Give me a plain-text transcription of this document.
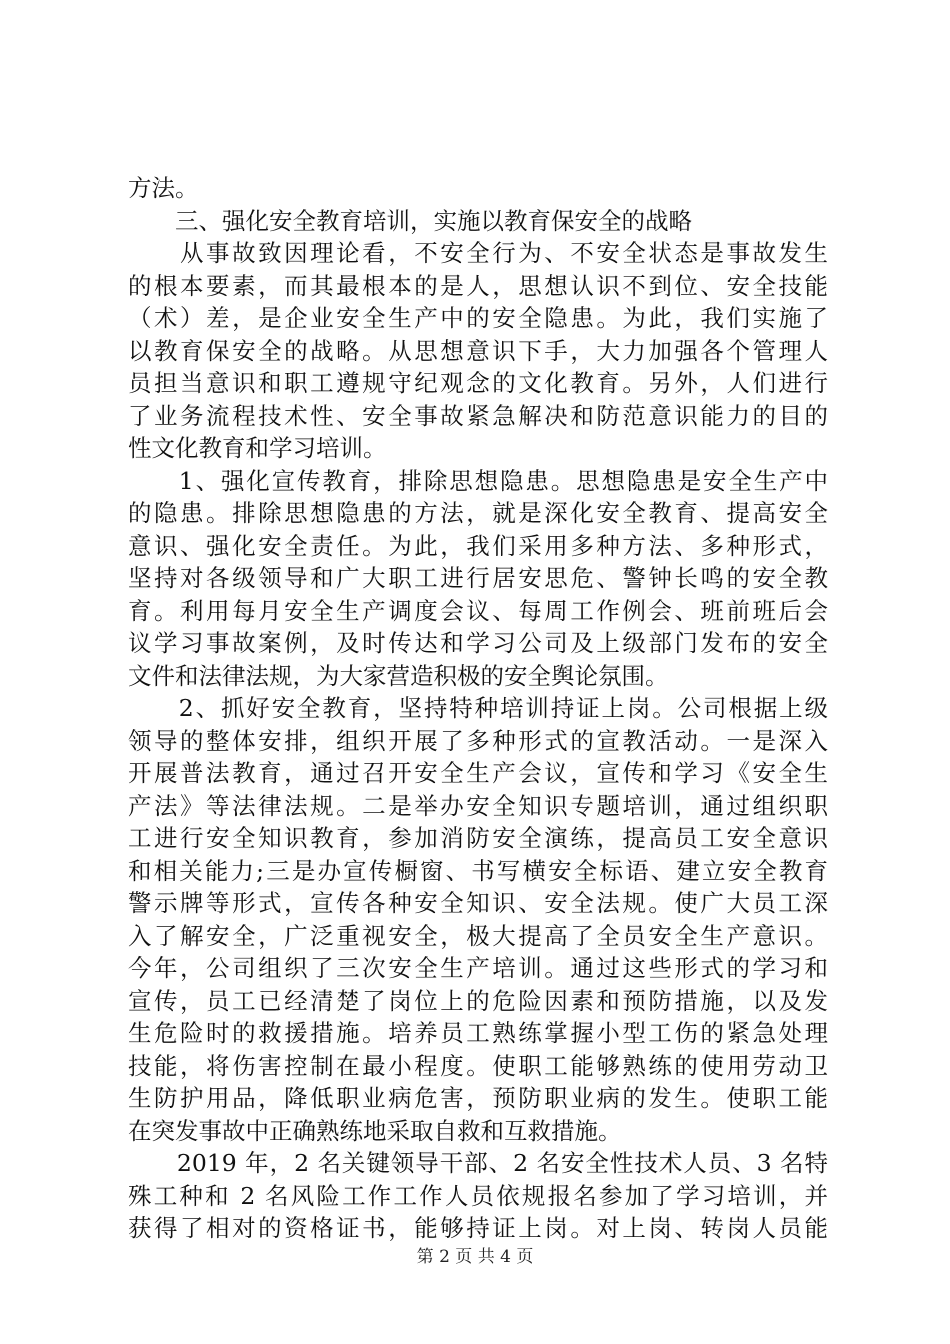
方法。
　　三、强化安全教育培训，实施以教育保安全的战略
　　从事故致因理论看，不安全行为、不安全状态是事故发生
的根本要素，而其最根本的是人，思想认识不到位、安全技能
（术）差，是企业安全生产中的安全隐患。为此，我们实施了
以教育保安全的战略。从思想意识下手，大力加强各个管理人
员担当意识和职工遵规守纪观念的文化教育。另外，人们进行
了业务流程技术性、安全事故紧急解决和防范意识能力的目的
性文化教育和学习培训。
　　1、强化宣传教育，排除思想隐患。思想隐患是安全生产中
的隐患。排除思想隐患的方法，就是深化安全教育、提高安全
意识、强化安全责任。为此，我们采用多种方法、多种形式，
坚持对各级领导和广大职工进行居安思危、警钟长鸣的安全教
育。利用每月安全生产调度会议、每周工作例会、班前班后会
议学习事故案例，及时传达和学习公司及上级部门发布的安全
文件和法律法规，为大家营造积极的安全舆论氛围。
　　2、抓好安全教育，坚持特种培训持证上岗。公司根据上级
领导的整体安排，组织开展了多种形式的宣教活动。一是深入
开展普法教育，通过召开安全生产会议，宣传和学习《安全生
产法》等法律法规。二是举办安全知识专题培训，通过组织职
工进行安全知识教育，参加消防安全演练，提高员工安全意识
和相关能力;三是办宣传橱窗、书写横安全标语、建立安全教育
警示牌等形式，宣传各种安全知识、安全法规。使广大员工深
入了解安全，广泛重视安全，极大提高了全员安全生产意识。
今年，公司组织了三次安全生产培训。通过这些形式的学习和
宣传，员工已经清楚了岗位上的危险因素和预防措施，以及发
生危险时的救援措施。培养员工熟练掌握小型工伤的紧急处理
技能，将伤害控制在最小程度。使职工能够熟练的使用劳动卫
生防护用品，降低职业病危害，预防职业病的发生。使职工能
在突发事故中正确熟练地采取自救和互救措施。
　　2019 年，2 名关键领导干部、2 名安全性技术人员、3 名特
殊工种和 2 名风险工作工作人员依规报名参加了学习培训，并
获得了相对的资格证书，能够持证上岗。对上岗、转岗人员能
第 2 页 共 4 页
